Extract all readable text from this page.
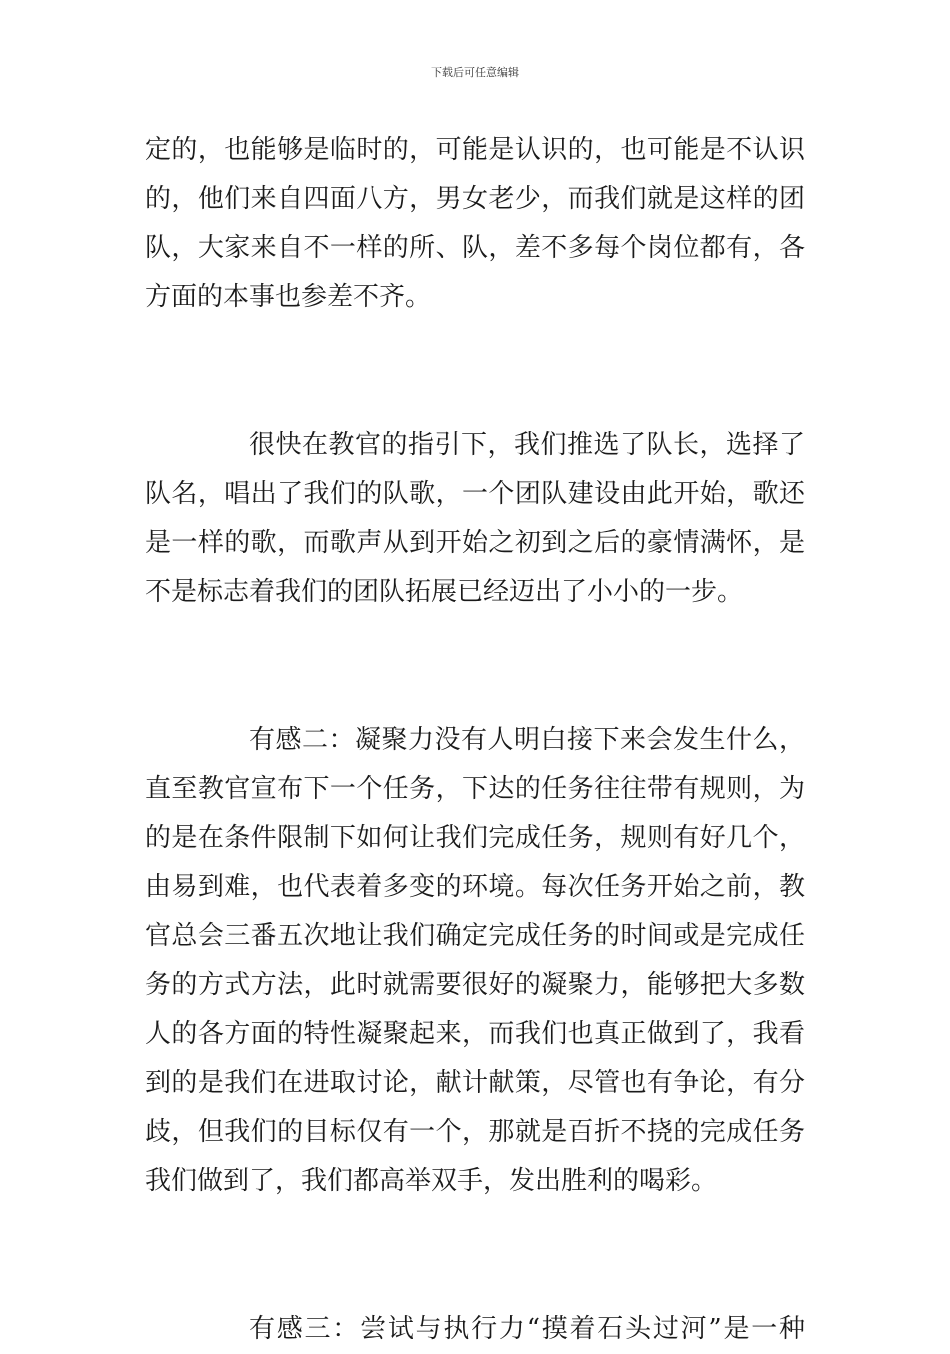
下载后可任意编辑
定的，也能够是临时的，可能是认识的，也可能是不认识
的，他们来自四面八方，男女老少，而我们就是这样的团
队，大家来自不一样的所、队，差不多每个岗位都有，各
方面的本事也参差不齐。
很快在教官的指引下，我们推选了队长，选择了
队名，唱出了我们的队歌，一个团队建设由此开始，歌还
是一样的歌，而歌声从到开始之初到之后的豪情满怀，是
不是标志着我们的团队拓展已经迈出了小小的一步。
有感二：凝聚力没有人明白接下来会发生什么，
直至教官宣布下一个任务，下达的任务往往带有规则，为
的是在条件限制下如何让我们完成任务，规则有好几个，
由易到难，也代表着多变的环境。每次任务开始之前，教
官总会三番五次地让我们确定完成任务的时间或是完成任
务的方式方法，此时就需要很好的凝聚力，能够把大多数
人的各方面的特性凝聚起来，而我们也真正做到了，我看
到的是我们在进取讨论，献计献策，尽管也有争论，有分
歧，但我们的目标仅有一个，那就是百折不挠的完成任务
我们做到了，我们都高举双手，发出胜利的喝彩。
有感三：尝试与执行力“摸着石头过河”是一种
